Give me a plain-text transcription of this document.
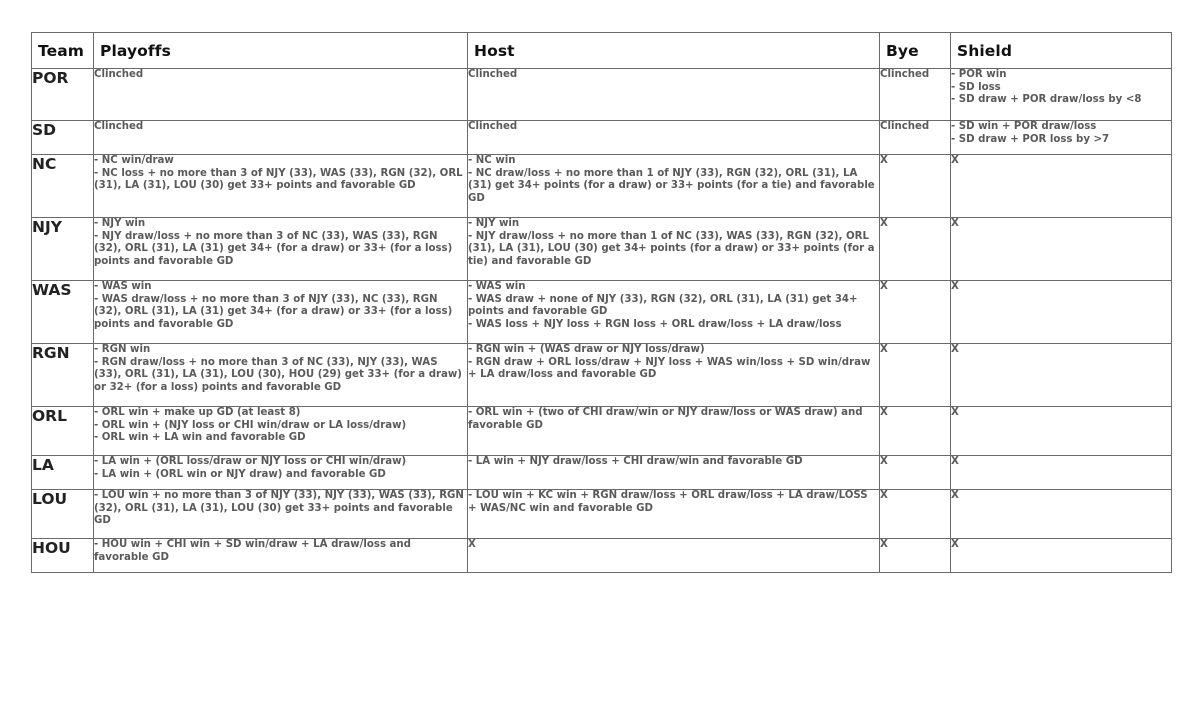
Team	Playoffs	Host	Bye	Shield
POR	Clinched	Clinched	Clinched	- POR win
- SD loss
- SD draw + POR draw/loss by <8

SD	Clinched	Clinched	Clinched	- SD win + POR draw/loss
- SD draw + POR loss by >7

NC	- NC win/draw
- NC loss + no more than 3 of NJY (33), WAS (33), RGN (32), ORL (31), LA (31), LOU (30) get 33+ points and favorable GD	- NC win
- NC draw/loss + no more than 1 of NJY (33), RGN (32), ORL (31), LA (31) get 34+ points (for a draw) or 33+ points (for a tie) and favorable GD	X	X

NJY	- NJY win
- NJY draw/loss + no more than 3 of NC (33), WAS (33), RGN (32), ORL (31), LA (31) get 34+ (for a draw) or 33+ (for a loss) points and favorable GD	- NJY win
- NJY draw/loss + no more than 1 of NC (33), WAS (33), RGN (32), ORL (31), LA (31), LOU (30) get 34+ points (for a draw) or 33+ points (for a tie) and favorable GD	X	X

WAS	- WAS win
- WAS draw/loss + no more than 3 of NJY (33), NC (33), RGN (32), ORL (31), LA (31) get 34+ (for a draw) or 33+ (for a loss) points and favorable GD	- WAS win
- WAS draw + none of NJY (33), RGN (32), ORL (31), LA (31) get 34+ points and favorable GD
- WAS loss + NJY loss + RGN loss + ORL draw/loss + LA draw/loss	X	X

RGN	- RGN win
- RGN draw/loss + no more than 3 of NC (33), NJY (33), WAS (33), ORL (31), LA (31), LOU (30), HOU (29) get 33+ (for a draw) or 32+ (for a loss) points and favorable GD	- RGN win + (WAS draw or NJY loss/draw)
- RGN draw + ORL loss/draw + NJY loss + WAS win/loss + SD win/draw + LA draw/loss and favorable GD	X	X

ORL	- ORL win + make up GD (at least 8)
- ORL win + (NJY loss or CHI win/draw or LA loss/draw)
- ORL win + LA win and favorable GD	- ORL win + (two of CHI draw/win or NJY draw/loss or WAS draw) and favorable GD	X	X

LA	- LA win + (ORL loss/draw or NJY loss or CHI win/draw)
- LA win + (ORL win or NJY draw) and favorable GD	- LA win + NJY draw/loss + CHI draw/win and favorable GD	X	X

LOU	- LOU win + no more than 3 of NJY (33), NJY (33), WAS (33), RGN (32), ORL (31), LA (31), LOU (30) get 33+ points and favorable GD	- LOU win + KC win + RGN draw/loss + ORL draw/loss + LA draw/LOSS + WAS/NC win and favorable GD	X	X

HOU	- HOU win + CHI win + SD win/draw + LA draw/loss and favorable GD	X	X	X
